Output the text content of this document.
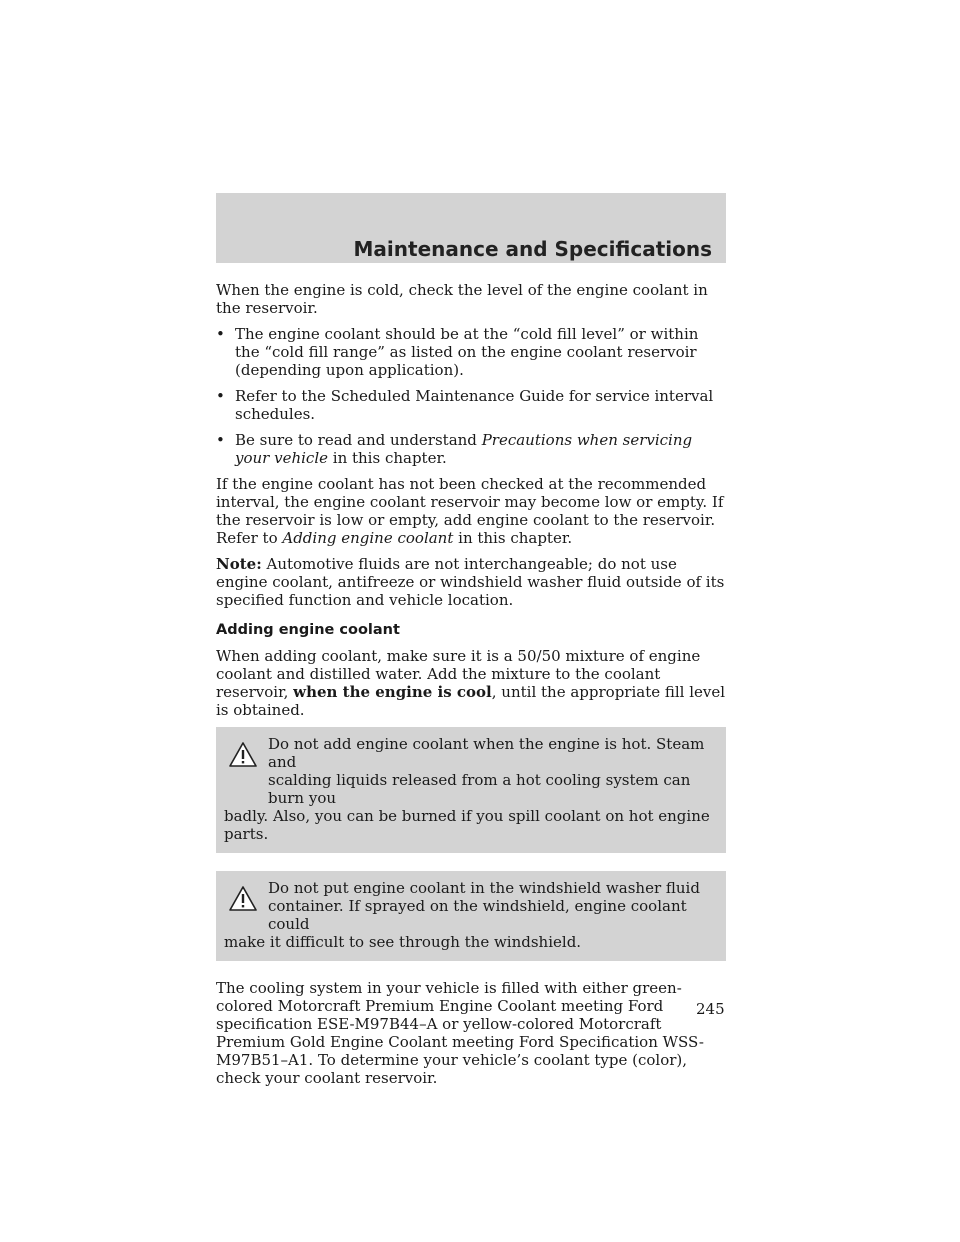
Maintenance and Specifications

When the engine is cold, check the level of the engine coolant in the reservoir.

• The engine coolant should be at the “cold fill level” or within the “cold fill range” as listed on the engine coolant reservoir (depending upon application).
• Refer to the Scheduled Maintenance Guide for service interval schedules.
• Be sure to read and understand Precautions when servicing your vehicle in this chapter.

If the engine coolant has not been checked at the recommended interval, the engine coolant reservoir may become low or empty. If the reservoir is low or empty, add engine coolant to the reservoir. Refer to Adding engine coolant in this chapter.

Note: Automotive fluids are not interchangeable; do not use engine coolant, antifreeze or windshield washer fluid outside of its specified function and vehicle location.

Adding engine coolant

When adding coolant, make sure it is a 50/50 mixture of engine coolant and distilled water. Add the mixture to the coolant reservoir, when the engine is cool, until the appropriate fill level is obtained.

Do not add engine coolant when the engine is hot. Steam and
scalding liquids released from a hot cooling system can burn you
badly. Also, you can be burned if you spill coolant on hot engine parts.
Do not put engine coolant in the windshield washer fluid
container. If sprayed on the windshield, engine coolant could
make it difficult to see through the windshield.

The cooling system in your vehicle is filled with either green-colored Motorcraft Premium Engine Coolant meeting Ford specification ESE-M97B44–A or yellow-colored Motorcraft Premium Gold Engine Coolant meeting Ford Specification WSS-M97B51–A1. To determine your vehicle’s coolant type (color), check your coolant reservoir.

245
